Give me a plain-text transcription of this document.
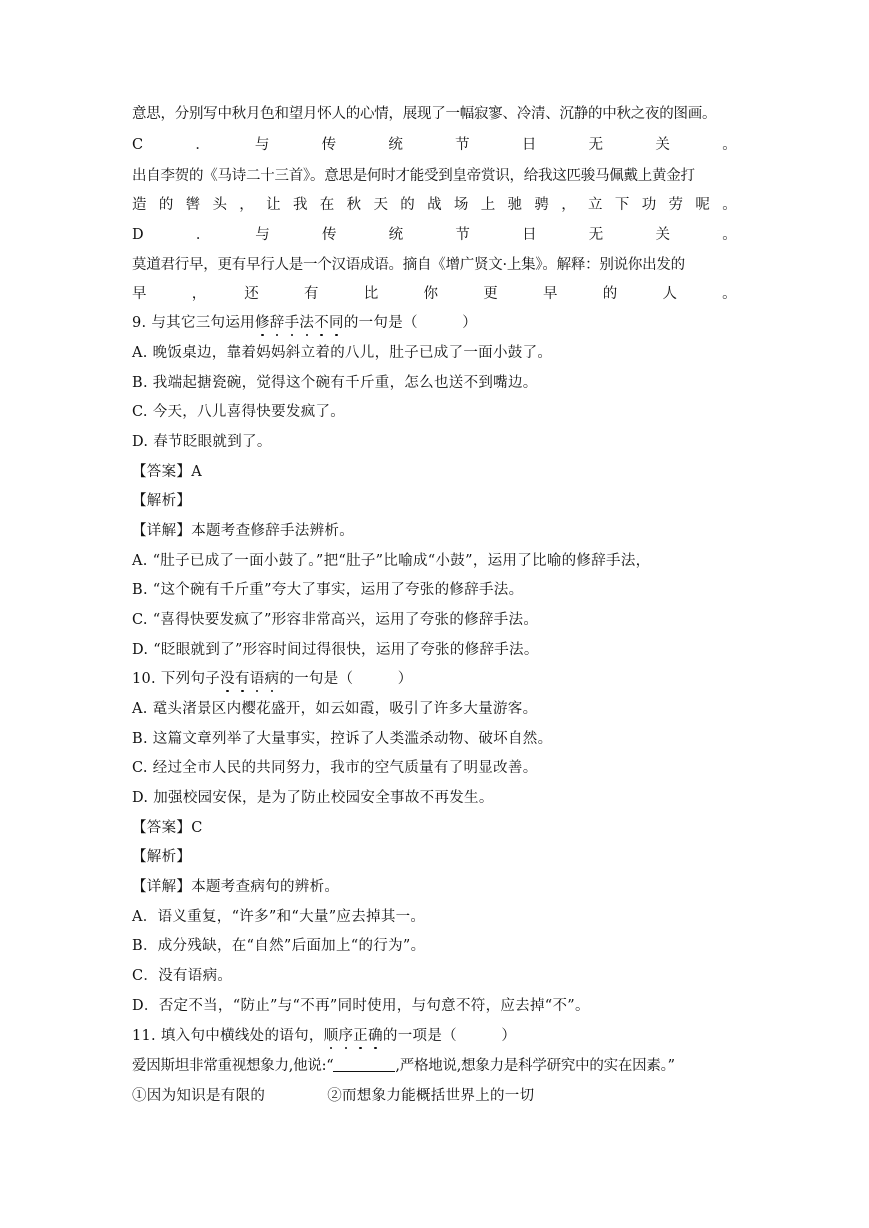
意思，分别写中秋月色和望月怀人的心情，展现了一幅寂寥、冷清、沉静的中秋之夜的图画。
C　．　与　传　统　节　日　无　关　。
出自李贺的《马诗二十三首》。意思是何时才能受到皇帝赏识，给我这匹骏马佩戴上黄金打
造 的 辔 头 ， 让 我 在 秋 天 的 战 场 上 驰 骋 ， 立 下 功 劳 呢 。
D　．　与　传　统　节　日　无　关　。
莫道君行早，更有早行人是一个汉语成语。摘自《增广贤文·上集》。解释：别说你出发的
早　，　还　有　比　你　更　早　的　人　。
9. 与其它三句运用修辞手法不同的一句是（　　　）
A. 晚饭桌边，靠着妈妈斜立着的八儿，肚子已成了一面小鼓了。
B. 我端起搪瓷碗，觉得这个碗有千斤重，怎么也送不到嘴边。
C. 今天，八儿喜得快要发疯了。
D. 春节眨眼就到了。
【答案】A
【解析】
【详解】本题考查修辞手法辨析。
A. “肚子已成了一面小鼓了。”把“肚子”比喻成“小鼓”，运用了比喻的修辞手法，
B. “这个碗有千斤重”夸大了事实，运用了夸张的修辞手法。
C. “喜得快要发疯了”形容非常高兴，运用了夸张的修辞手法。
D. “眨眼就到了”形容时间过得很快，运用了夸张的修辞手法。
10. 下列句子没有语病的一句是（　　　）
A. 鼋头渚景区内樱花盛开，如云如霞，吸引了许多大量游客。
B. 这篇文章列举了大量事实，控诉了人类滥杀动物、破坏自然。
C. 经过全市人民的共同努力，我市的空气质量有了明显改善。
D. 加强校园安保，是为了防止校园安全事故不再发生。
【答案】C
【解析】
【详解】本题考查病句的辨析。
A．语义重复，“许多”和“大量”应去掉其一。
B．成分残缺，在“自然”后面加上“的行为”。
C．没有语病。
D．否定不当，“防止”与“不再”同时使用，与句意不符，应去掉“不”。
11. 填入句中横线处的语句，顺序正确的一项是（　　　）
爱因斯坦非常重视想象力,他说:“	,严格地说,想象力是科学研究中的实在因素。”
①因为知识是有限的	②而想象力能概括世界上的一切
